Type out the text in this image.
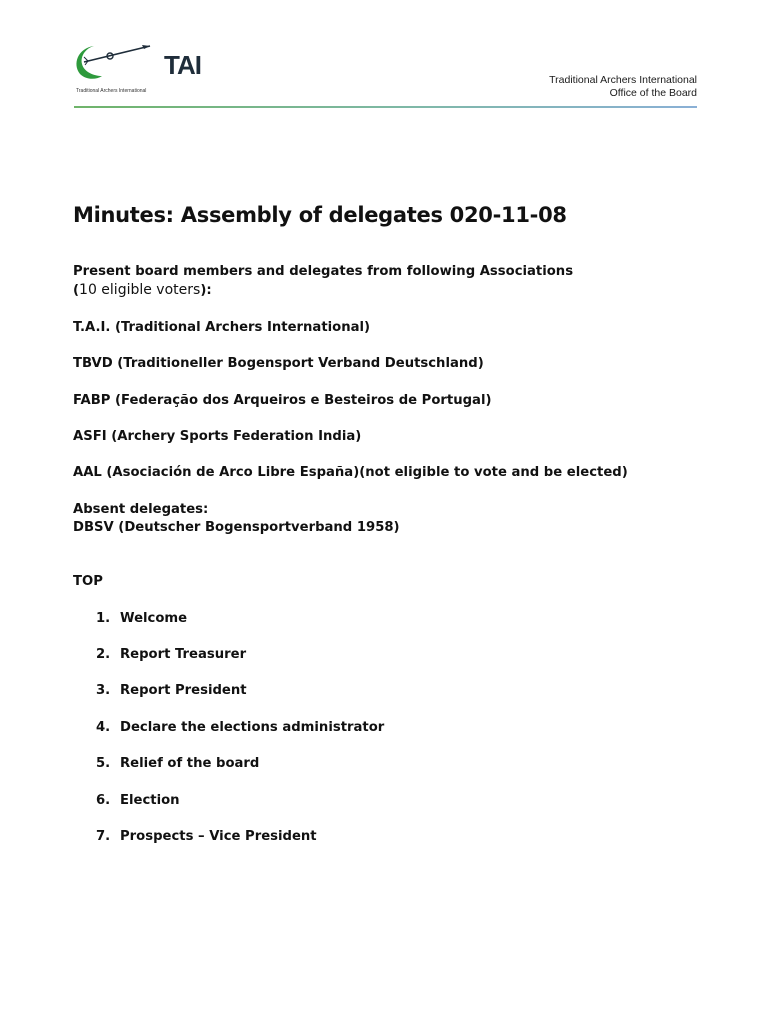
TAI
Traditional Archers International
Traditional Archers International
Office of the Board
Minutes: Assembly of delegates 020-11-08
Present board members and delegates from following Associations
(10 eligible voters):
T.A.I. (Traditional Archers International)
TBVD (Traditioneller Bogensport Verband Deutschland)
FABP (Federação dos Arqueiros e Besteiros de Portugal)
ASFI (Archery Sports Federation India)
AAL (Asociación de Arco Libre España)(not eligible to vote and be elected)
Absent delegates:
DBSV (Deutscher Bogensportverband 1958)
TOP
1. Welcome
2. Report Treasurer
3. Report President
4. Declare the elections administrator
5. Relief of the board
6. Election
7. Prospects – Vice President
